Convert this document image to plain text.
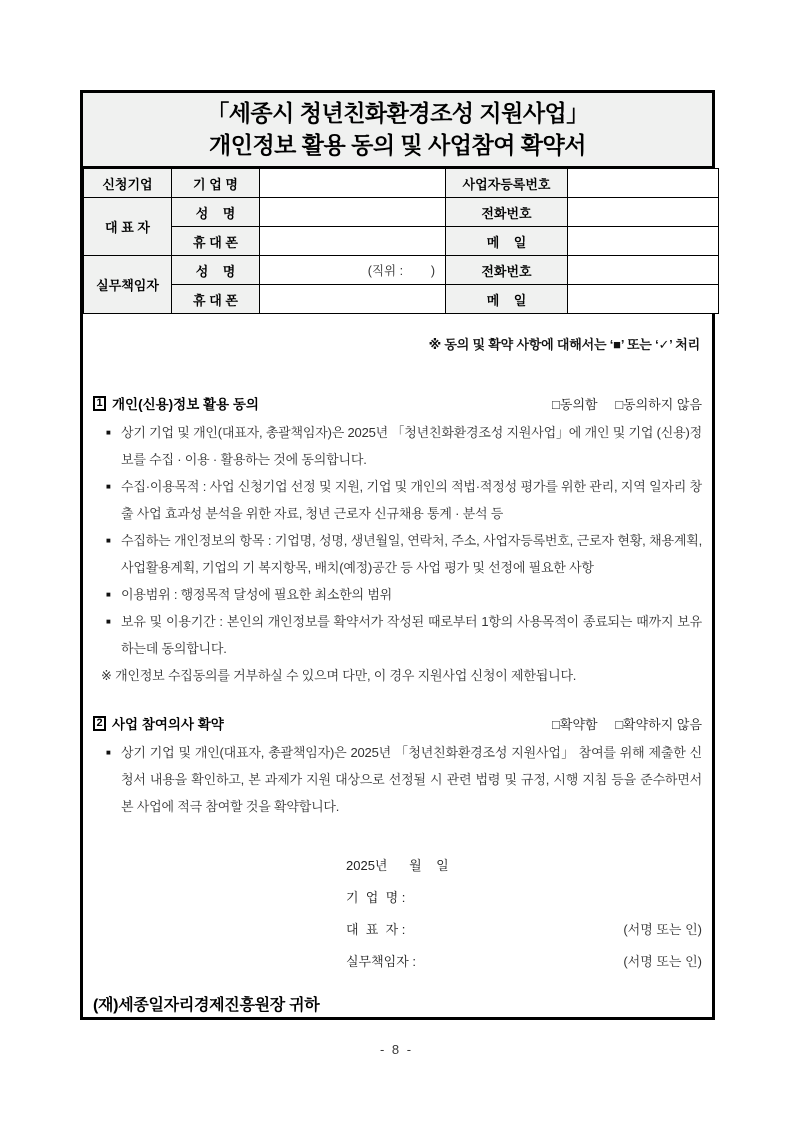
「세종시 청년친화환경조성 지원사업」
개인정보 활용 동의 및 사업참여 확약서
신청기업	기 업 명		사업자등록번호	
대 표 자	성    명		전화번호	
	휴 대 폰		메    일	
실무책임자	성    명	(직위 :        )	전화번호	
	휴 대 폰		메    일	
※ 동의 및 확약 사항에 대해서는 ‘■’ 또는 ‘✓’ 처리
1 개인(신용)정보 활용 동의	□동의함 □동의하지 않음
■ 상기 기업 및 개인(대표자, 총괄책임자)은 2025년 「청년친화환경조성 지원사업」에 개인 및 기업 (신용)정보를 수집 · 이용 · 활용하는 것에 동의합니다.
■ 수집·이용목적 : 사업 신청기업 선정 및 지원, 기업 및 개인의 적법·적정성 평가를 위한 관리, 지역 일자리 창출 사업 효과성 분석을 위한 자료, 청년 근로자 신규채용 통계 · 분석 등
■ 수집하는 개인정보의 항목 : 기업명, 성명, 생년월일, 연락처, 주소, 사업자등록번호, 근로자 현황, 채용계획, 사업활용계획, 기업의 기 복지항목, 배치(예정)공간 등 사업 평가 및 선정에 필요한 사항
■ 이용범위 : 행정목적 달성에 필요한 최소한의 범위
■ 보유 및 이용기간 : 본인의 개인정보를 확약서가 작성된 때로부터 1항의 사용목적이 종료되는 때까지 보유하는데 동의합니다.
※ 개인정보 수집동의를 거부하실 수 있으며 다만, 이 경우 지원사업 신청이 제한됩니다.
2 사업 참여의사 확약	□확약함 □확약하지 않음
■ 상기 기업 및 개인(대표자, 총괄책임자)은 2025년 「청년친화환경조성 지원사업」 참여를 위해 제출한 신청서 내용을 확인하고, 본 과제가 지원 대상으로 선정될 시 관련 법령 및 규정, 시행 지침 등을 준수하면서 본 사업에 적극 참여할 것을 확약합니다.
2025년      월    일
기  업  명 :
대  표  자 :	(서명 또는 인)
실무책임자 :	(서명 또는 인)
(재)세종일자리경제진흥원장 귀하
- 8 -
